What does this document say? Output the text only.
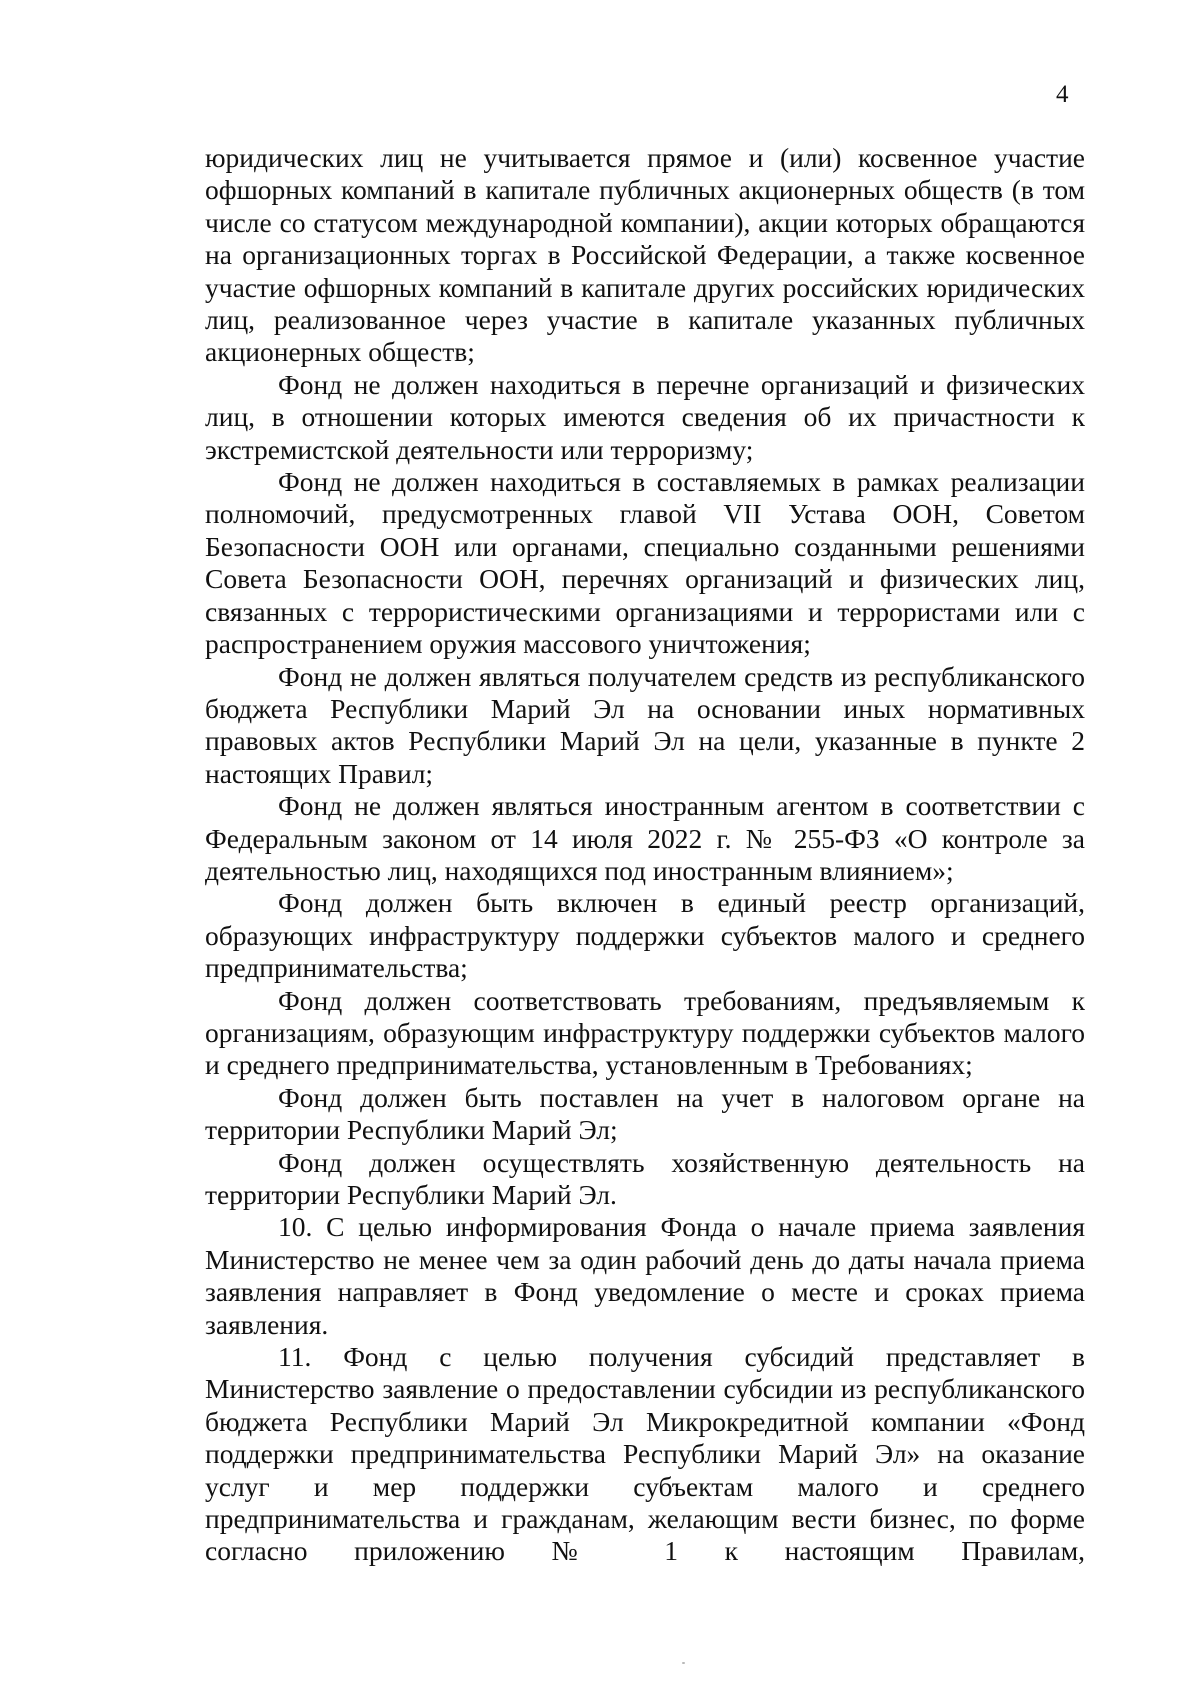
4

юридических лиц не учитывается прямое и (или) косвенное участие офшорных компаний в капитале публичных акционерных обществ (в том числе со статусом международной компании), акции которых обращаются на организационных торгах в Российской Федерации, а также косвенное участие офшорных компаний в капитале других российских юридических лиц, реализованное через участие в капитале указанных публичных акционерных обществ;

Фонд не должен находиться в перечне организаций и физических лиц, в отношении которых имеются сведения об их причастности к экстремистской деятельности или терроризму;

Фонд не должен находиться в составляемых в рамках реализации полномочий, предусмотренных главой VII Устава ООН, Советом Безопасности ООН или органами, специально созданными решениями Совета Безопасности ООН, перечнях организаций и физических лиц, связанных с террористическими организациями и террористами или с распространением оружия массового уничтожения;

Фонд не должен являться получателем средств из республиканского бюджета Республики Марий Эл на основании иных нормативных правовых актов Республики Марий Эл на цели, указанные в пункте 2 настоящих Правил;

Фонд не должен являться иностранным агентом в соответствии с Федеральным законом от 14 июля 2022 г. № 255-ФЗ «О контроле за деятельностью лиц, находящихся под иностранным влиянием»;

Фонд должен быть включен в единый реестр организаций, образующих инфраструктуру поддержки субъектов малого и среднего предпринимательства;

Фонд должен соответствовать требованиям, предъявляемым к организациям, образующим инфраструктуру поддержки субъектов малого и среднего предпринимательства, установленным в Требованиях;

Фонд должен быть поставлен на учет в налоговом органе на территории Республики Марий Эл;

Фонд должен осуществлять хозяйственную деятельность на территории Республики Марий Эл.

10. С целью информирования Фонда о начале приема заявления Министерство не менее чем за один рабочий день до даты начала приема заявления направляет в Фонд уведомление о месте и сроках приема заявления.

11. Фонд с целью получения субсидий представляет в Министерство заявление о предоставлении субсидии из республиканского бюджета Республики Марий Эл Микрокредитной компании «Фонд поддержки предпринимательства Республики Марий Эл» на оказание услуг и мер поддержки субъектам малого и среднего предпринимательства и гражданам, желающим вести бизнес, по форме согласно приложению № 1 к настоящим Правилам,
